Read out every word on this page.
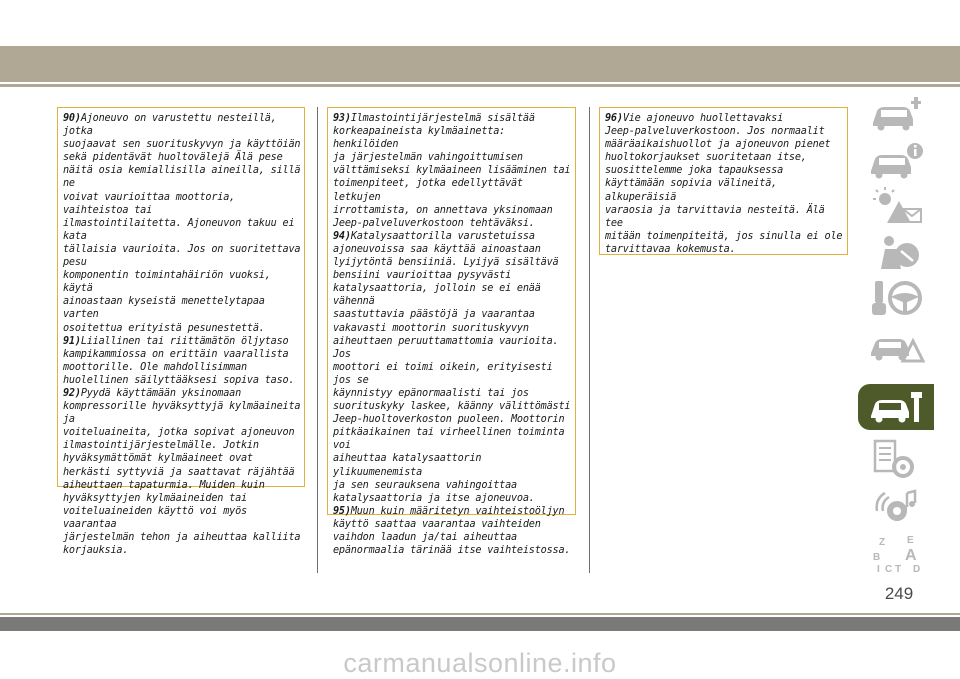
90)Ajoneuvo on varustettu nesteillä, jotka
suojaavat sen suorituskyvyn ja käyttöiän
sekä pidentävät huoltovälejä Älä pese
näitä osia kemiallisilla aineilla, sillä ne
voivat vaurioittaa moottoria, vaihteistoa tai
ilmastointilaitetta. Ajoneuvon takuu ei kata
tällaisia vaurioita. Jos on suoritettava pesu
komponentin toimintahäiriön vuoksi, käytä
ainoastaan kyseistä menettelytapaa varten
osoitettua erityistä pesunestettä.

91)Liiallinen tai riittämätön öljytaso
kampikammiossa on erittäin vaarallista
moottorille. Ole mahdollisimman
huolellinen säilyttääksesi sopiva taso.

92)Pyydä käyttämään yksinomaan
kompressorille hyväksyttyjä kylmäaineita ja
voiteluaineita, jotka sopivat ajoneuvon
ilmastointijärjestelmälle. Jotkin
hyväksymättömät kylmäaineet ovat
herkästi syttyviä ja saattavat räjähtää
aiheuttaen tapaturmia. Muiden kuin
hyväksyttyjen kylmäaineiden tai
voiteluaineiden käyttö voi myös vaarantaa
järjestelmän tehon ja aiheuttaa kalliita
korjauksia.

93)Ilmastointijärjestelmä sisältää
korkeapaineista kylmäainetta: henkilöiden
ja järjestelmän vahingoittumisen
välttämiseksi kylmäaineen lisääminen tai
toimenpiteet, jotka edellyttävät letkujen
irrottamista, on annettava yksinomaan
Jeep-palveluverkostoon tehtäväksi.

94)Katalysaattorilla varustetuissa
ajoneuvoissa saa käyttää ainoastaan
lyijytöntä bensiiniä. Lyijyä sisältävä
bensiini vaurioittaa pysyvästi
katalysaattoria, jolloin se ei enää vähennä
saastuttavia päästöjä ja vaarantaa
vakavasti moottorin suorituskyvyn
aiheuttaen peruuttamattomia vaurioita. Jos
moottori ei toimi oikein, erityisesti jos se
käynnistyy epänormaalisti tai jos
suorituskyky laskee, käänny välittömästi
Jeep-huoltoverkoston puoleen. Moottorin
pitkäaikainen tai virheellinen toiminta voi
aiheuttaa katalysaattorin ylikuumenemista
ja sen seurauksena vahingoittaa
katalysaattoria ja itse ajoneuvoa.

95)Muun kuin määritetyn vaihteistoöljyn
käyttö saattaa vaarantaa vaihteiden
vaihdon laadun ja/tai aiheuttaa
epänormaalia tärinää itse vaihteistossa.

96)Vie ajoneuvo huollettavaksi
Jeep-palveluverkostoon. Jos normaalit
määräaikaishuollot ja ajoneuvon pienet
huoltokorjaukset suoritetaan itse,
suosittelemme joka tapauksessa
käyttämään sopivia välineitä, alkuperäisiä
varaosia ja tarvittavia nesteitä. Älä tee
mitään toimenpiteitä, jos sinulla ei ole
tarvittavaa kokemusta.

Z E
B A
C T
I	D
249
carmanualsonline.info
